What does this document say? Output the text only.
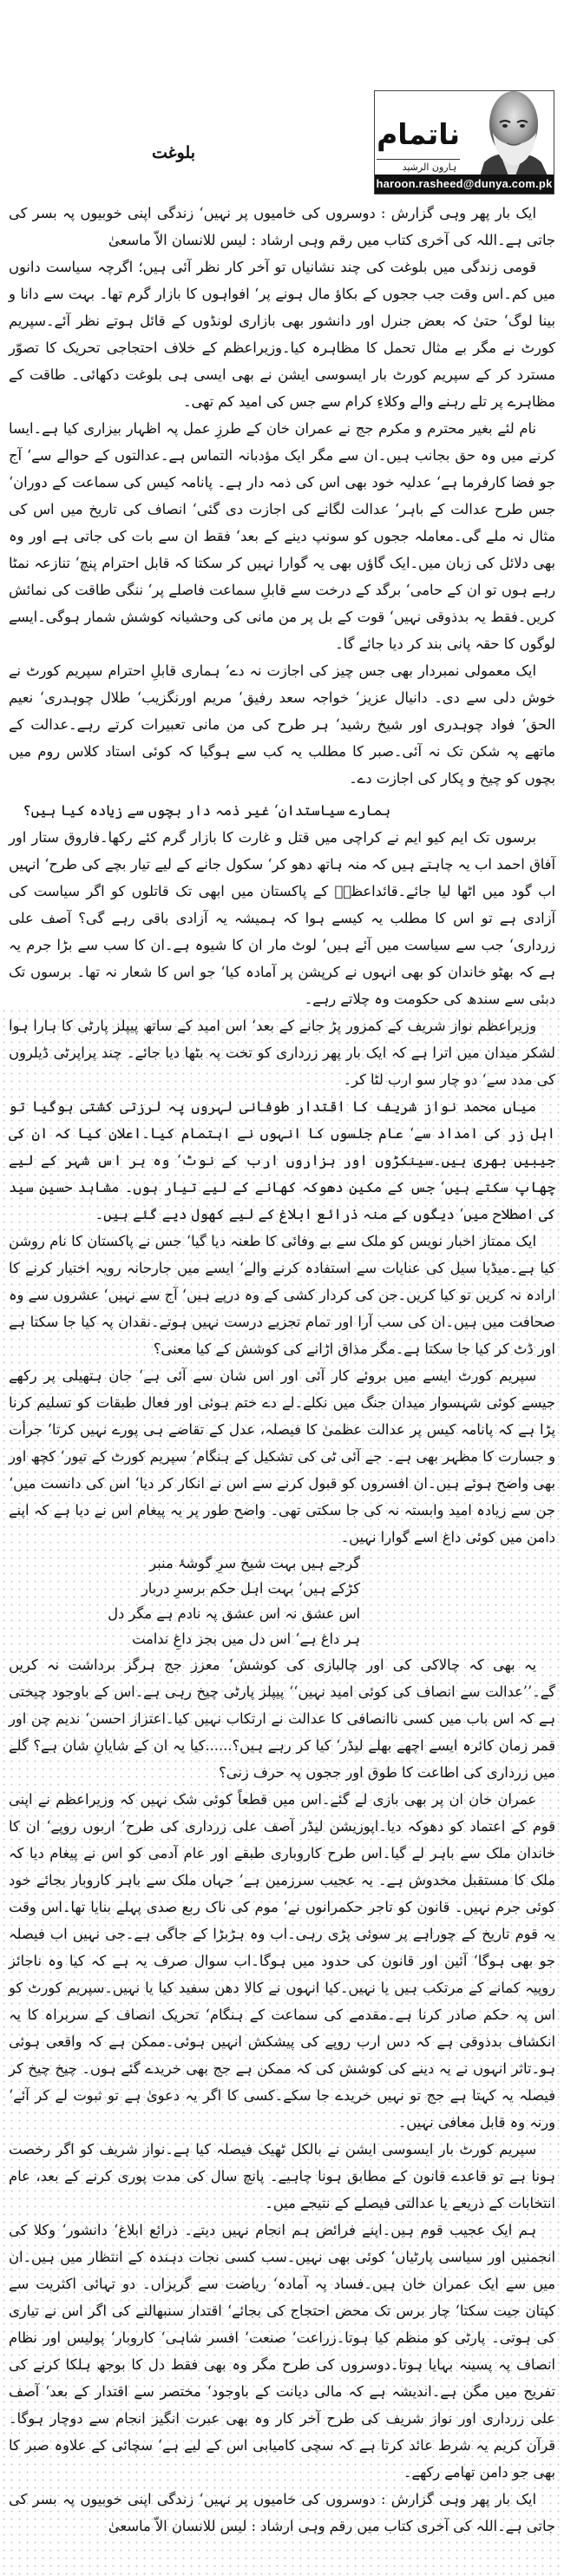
بلوغت
ناتمام
ہارون الرشید
haroon.rasheed@dunya.com.pk

ایک بار پھر وہی گزارش : دوسروں کی خامیوں پر نہیں‘ زندگی اپنی خوبیوں پہ بسر کی جاتی ہے۔اللہ کی آخری کتاب میں رقم وہی ارشاد : لیس للانسان الاّ ماسعیٰ

قومی زندگی میں بلوغت کی چند نشانیاں تو آخر کار نظر آئی ہیں؛ اگرچہ سیاست دانوں میں کم۔اس وقت جب ججوں کے بکاؤ مال ہونے پر‘ افواہوں کا بازار گرم تھا۔ بہت سے دانا و بینا لوگ‘ حتیٰ کہ بعض جنرل اور دانشور بھی بازاری لونڈوں کے قائل ہوتے نظر آئے۔سپریم کورٹ نے مگر بے مثال تحمل کا مظاہرہ کیا۔وزیراعظم کے خلاف احتجاجی تحریک کا تصوّر مسترد کر کے سپریم کورٹ بار ایسوسی ایشن نے بھی ایسی ہی بلوغت دکھائی۔ طاقت کے مظاہرے پر تلے رہنے والے وکلاءِ کرام سے جس کی امید کم تھی۔

نام لئے بغیر محترم و مکرم جج نے عمران خان کے طرزِ عمل پہ اظہار بیزاری کیا ہے۔ایسا کرنے میں وہ حق بجانب ہیں۔ان سے مگر ایک مؤدبانہ التماس ہے۔عدالتوں کے حوالے سے‘ آج جو فضا کارفرما ہے‘ عدلیہ خود بھی اس کی ذمہ دار ہے۔ پانامہ کیس کی سماعت کے دوران‘ جس طرح عدالت کے باہر‘ عدالت لگانے کی اجازت دی گئی‘ انصاف کی تاریخ میں اس کی مثال نہ ملے گی۔معاملہ ججوں کو سونپ دینے کے بعد‘ فقط ان سے بات کی جاتی ہے اور وہ بھی دلائل کی زبان میں۔ایک گاؤں بھی یہ گوارا نہیں کر سکتا کہ قابل احترام پنچ‘ تنازعہ نمٹا رہے ہوں تو ان کے حامی‘ برگد کے درخت سے قابلِ سماعت فاصلے پر‘ ننگی طاقت کی نمائش کریں۔فقط یہ بدذوقی نہیں‘ قوت کے بل پر من مانی کی وحشیانہ کوشش شمار ہوگی۔ایسے لوگوں کا حقہ پانی بند کر دیا جائے گا۔

ایک معمولی نمبردار بھی جس چیز کی اجازت نہ دے‘ ہماری قابلِ احترام سپریم کورٹ نے خوش دلی سے دی۔ دانیال عزیز‘ خواجہ سعد رفیق‘ مریم اورنگزیب‘ طلال چوہدری‘ نعیم الحق‘ فواد چوہدری اور شیخ رشید‘ ہر طرح کی من مانی تعبیرات کرتے رہے۔عدالت کے ماتھے پہ شکن تک نہ آئی۔صبر کا مطلب یہ کب سے ہوگیا کہ کوئی استاد کلاس روم میں بچوں کو چیخ و پکار کی اجازت دے۔

ہمارے سیاستدان‘ غیر ذمہ دار بچوں سے زیادہ کیا ہیں؟

برسوں تک ایم کیو ایم نے کراچی میں قتل و غارت کا بازار گرم کئے رکھا۔فاروق ستار اور آفاق احمد اب یہ چاہتے ہیں کہ منہ ہاتھ دھو کر‘ سکول جانے کے لیے تیار بچے کی طرح‘ انہیں اب گود میں اٹھا لیا جائے۔قائداعظمؒ کے پاکستان میں ابھی تک قاتلوں کو اگر سیاست کی آزادی ہے تو اس کا مطلب یہ کیسے ہوا کہ ہمیشہ یہ آزادی باقی رہے گی؟ آصف علی زرداری‘ جب سے سیاست میں آئے ہیں‘ لوٹ مار ان کا شیوہ ہے۔ان کا سب سے بڑا جرم یہ ہے کہ بھٹو خاندان کو بھی انہوں نے کرپشن پر آمادہ کیا‘ جو اس کا شعار نہ تھا۔ برسوں تک دبئی سے سندھ کی حکومت وہ چلاتے رہے۔

وزیراعظم نواز شریف کے کمزور پڑ جانے کے بعد‘ اس امید کے ساتھ پیپلز پارٹی کا ہارا ہوا لشکر میدان میں اترا ہے کہ ایک بار پھر زرداری کو تخت پہ بٹھا دیا جائے۔ چند پراپرٹی ڈیلروں کی مدد سے‘ دو چار سو ارب لٹا کر۔

میاں محمد نواز شریف کا اقتدار طوفانی لہروں پہ لرزتی کشتی ہوگیا تو اہل زر کی امداد سے‘ عام جلسوں کا انہوں نے اہتمام کیا۔اعلان کیا کہ ان کی جیبیں بھری ہیں۔سینکڑوں اور ہزاروں ارب کے نوٹ‘ وہ ہر اس شہر کے لیے چھاپ سکتے ہیں‘ جس کے مکین دھوکہ کھانے کے لیے تیار ہوں۔ مشاہد حسین سید کی اصطلاح میں‘ دیگوں کے منہ ذرائع ابلاغ کے لیے کھول دیے گئے ہیں۔

ایک ممتاز اخبار نویس کو ملک سے بے وفائی کا طعنہ دیا گیا‘ جس نے پاکستان کا نام روشن کیا ہے۔میڈیا سیل کی عنایات سے استفادہ کرنے والے‘ ایسے میں جارحانہ رویہ اختیار کرنے کا ارادہ نہ کریں تو کیا کریں۔جن کی کردار کشی کے وہ درپے ہیں‘ آج سے نہیں‘ عشروں سے وہ صحافت میں ہیں۔ان کی سب آرا اور تمام تجزیے درست نہیں ہوتے۔نقدان پہ کیا جا سکتا ہے اور ڈٹ کر کیا جا سکتا ہے۔مگر مذاق اڑانے کی کوشش کے کیا معنی؟

سپریم کورٹ ایسے میں بروئے کار آئی اور اس شان سے آئی ہے‘ جان ہتھیلی پر رکھے جیسے کوئی شہسوار میدان جنگ میں نکلے۔لے دے ختم ہوئی اور فعال طبقات کو تسلیم کرنا پڑا ہے کہ پانامہ کیس پر عدالت عظمیٰ کا فیصلہ، عدل کے تقاضے ہی پورے نہیں کرتا‘ جرأت و جسارت کا مظہر بھی ہے۔ جے آئی ٹی کی تشکیل کے ہنگام‘ سپریم کورٹ کے تیور‘ کچھ اور بھی واضح ہوئے ہیں۔ان افسروں کو قبول کرنے سے اس نے انکار کر دیا‘ اس کی دانست میں‘ جن سے زیادہ امید وابستہ نہ کی جا سکتی تھی۔ واضح طور پر یہ پیغام اس نے دیا ہے کہ اپنے دامن میں کوئی داغ اسے گوارا نہیں۔

گرجے ہیں بہت شیخ سرِ گوشۂ منبر
کڑکے ہیں‘ بہت اہل حکم برسرِ دربار
اس عشق نہ اس عشق پہ نادم ہے مگر دل
ہر داغ ہے‘ اس دل میں بجز داغِ ندامت

یہ بھی کہ چالاکی کی اور چالبازی کی کوشش‘ معزز جج ہرگز برداشت نہ کریں گے۔’’عدالت سے انصاف کی کوئی امید نہیں‘‘ پیپلز پارٹی چیخ رہی ہے۔اس کے باوجود چیختی ہے کہ اس باب میں کسی ناانصافی کا عدالت نے ارتکاب نہیں کیا۔اعتزاز احسن‘ ندیم چن اور قمر زمان کائرہ ایسے اچھے بھلے لیڈر‘ کیا کر رہے ہیں؟......کیا یہ ان کے شایانِ شان ہے؟ گلے میں زرداری کی اطاعت کا طوق اور ججوں پہ حرف زنی؟

عمران خان ان پر بھی بازی لے گئے۔اس میں قطعاً کوئی شک نہیں کہ وزیراعظم نے اپنی قوم کے اعتماد کو دھوکہ دیا۔اپوزیشن لیڈر آصف علی زرداری کی طرح‘ اربوں روپے‘ ان کا خاندان ملک سے باہر لے گیا۔اس طرح کاروباری طبقے اور عام آدمی کو اس نے پیغام دیا کہ ملک کا مستقبل مخدوش ہے۔ یہ عجیب سرزمین ہے‘ جہاں ملک سے باہر کاروبار بجائے خود کوئی جرم نہیں۔ قانون کو تاجر حکمرانوں نے‘ موم کی ناک ربع صدی پہلے بنایا تھا۔اس وقت یہ قوم تاریخ کے چوراہے پر سوئی پڑی رہی۔اب وہ ہڑبڑا کے جاگی ہے۔جی نہیں اب فیصلہ جو بھی ہوگا‘ آئین اور قانون کی حدود میں ہوگا۔اب سوال صرف یہ ہے کہ کیا وہ ناجائز روپیہ کمانے کے مرتکب ہیں یا نہیں۔کیا انہوں نے کالا دھن سفید کیا یا نہیں۔سپریم کورٹ کو اس پہ حکم صادر کرنا ہے۔مقدمے کی سماعت کے ہنگام‘ تحریک انصاف کے سربراہ کا یہ انکشاف بدذوقی ہے کہ دس ارب روپے کی پیشکش انہیں ہوئی۔ممکن ہے کہ واقعی ہوئی ہو۔تاثر انہوں نے یہ دینے کی کوشش کی کہ ممکن ہے جج بھی خریدے گئے ہوں۔ چیخ چیخ کر فیصلہ یہ کہتا ہے جج تو نہیں خریدے جا سکے۔کسی کا اگر یہ دعویٰ ہے تو ثبوت لے کر آئے‘ ورنہ وہ قابل معافی نہیں۔

سپریم کورٹ بار ایسوسی ایشن نے بالکل ٹھیک فیصلہ کیا ہے۔نواز شریف کو اگر رخصت ہونا ہے تو قاعدے قانون کے مطابق ہونا چاہیے۔ پانچ سال کی مدت پوری کرنے کے بعد، عام انتخابات کے ذریعے یا عدالتی فیصلے کے نتیجے میں۔

ہم ایک عجیب قوم ہیں۔اپنے فرائض ہم انجام نہیں دیتے۔ ذرائع ابلاغ‘ دانشور‘ وکلا کی انجمنیں اور سیاسی پارٹیاں‘ کوئی بھی نہیں۔سب کسی نجات دہندہ کے انتظار میں ہیں۔ان میں سے ایک عمران خان ہیں۔فساد پہ آمادہ‘ ریاضت سے گریزاں۔ دو تہائی اکثریت سے کپتان جیت سکتا‘ چار برس تک محض احتجاج کی بجائے‘ اقتدار سنبھالنے کی اگر اس نے تیاری کی ہوتی۔ پارٹی کو منظم کیا ہوتا۔زراعت‘ صنعت‘ افسر شاہی‘ کاروبار‘ پولیس اور نظام انصاف پہ پسینہ بہایا ہوتا۔دوسروں کی طرح مگر وہ بھی فقط دل کا بوجھ ہلکا کرنے کی تفریح میں مگن ہے۔اندیشہ ہے کہ مالی دیانت کے باوجود‘ مختصر سے اقتدار کے بعد‘ آصف علی زرداری اور نواز شریف کی طرح آخر کار وہ بھی عبرت انگیز انجام سے دوچار ہوگا۔قرآن کریم یہ شرط عائد کرتا ہے کہ سچی کامیابی اس کے لیے ہے‘ سچائی کے علاوہ صبر کا بھی جو دامن تھامے رکھے۔

ایک بار پھر وہی گزارش : دوسروں کی خامیوں پر نہیں‘ زندگی اپنی خوبیوں پہ بسر کی جاتی ہے۔اللہ کی آخری کتاب میں رقم وہی ارشاد : لیس للانسان الاّ ماسعیٰ
